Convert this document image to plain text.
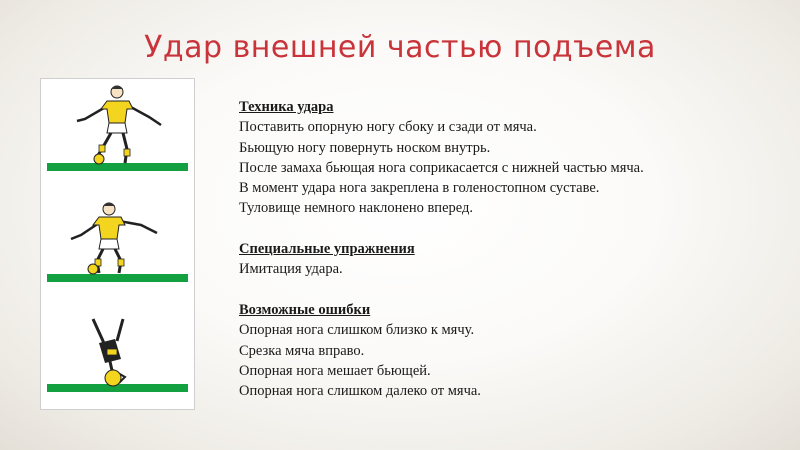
Удар внешней частью подъема
Техника удара
Поставить опорную ногу сбоку и сзади от мяча.
Бьющую ногу повернуть носком внутрь.
После замаха бьющая нога соприкасается с нижней частью мяча.
В момент удара нога закреплена в голеностопном суставе.
Туловище немного наклонено вперед.
Специальные упражнения
Имитация удара.
Возможные ошибки
Опорная нога слишком близко к мячу.
Срезка мяча вправо.
Опорная нога мешает бьющей.
Опорная нога слишком далеко от мяча.
